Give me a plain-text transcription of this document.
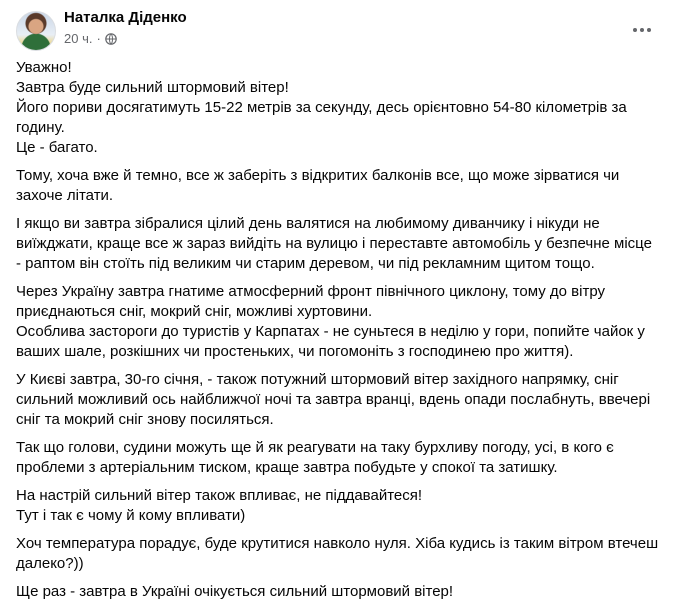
Наталка Діденко
20 ч. ·

Уважно!
Завтра буде сильний штормовий вітер!
Його пориви досягатимуть 15-22 метрів за секунду, десь орієнтовно 54-80 кілометрів за годину.
Це - багато.

Тому, хоча вже й темно, все ж заберіть з відкритих балконів все, що може зірватися чи захоче літати.

І якщо ви завтра зібралися цілий день валятися на любимому диванчику і нікуди не виїжджати, краще все ж зараз вийдіть на вулицю і переставте автомобіль у безпечне місце - раптом він стоїть під великим чи старим деревом, чи під рекламним щитом тощо.

Через Україну завтра гнатиме атмосферний фронт північного циклону, тому до вітру приєднаються сніг, мокрий сніг, можливі хуртовини.
Особлива застороги до туристів у Карпатах - не суньтеся в неділю у гори, попийте чайок у ваших шале, розкішних чи простеньких, чи погомоніть з господинею про життя).

У Києві завтра, 30-го січня, - також потужний штормовий вітер західного напрямку, сніг сильний можливий ось найближчої ночі та завтра вранці, вдень опади послабнуть, ввечері сніг та мокрий сніг знову посиляться.

Так що голови, судини можуть ще й як реагувати на таку бурхливу погоду, усі, в кого є проблеми з артеріальним тиском, краще завтра побудьте у спокої та затишку.

На настрій сильний вітер також впливає, не піддавайтеся!
Тут і так є чому й кому впливати)

Хоч температура порадує, буде крутитися навколо нуля. Хіба кудись із таким вітром втечеш далеко?))

Ще раз - завтра в Україні очікується сильний штормовий вітер!
